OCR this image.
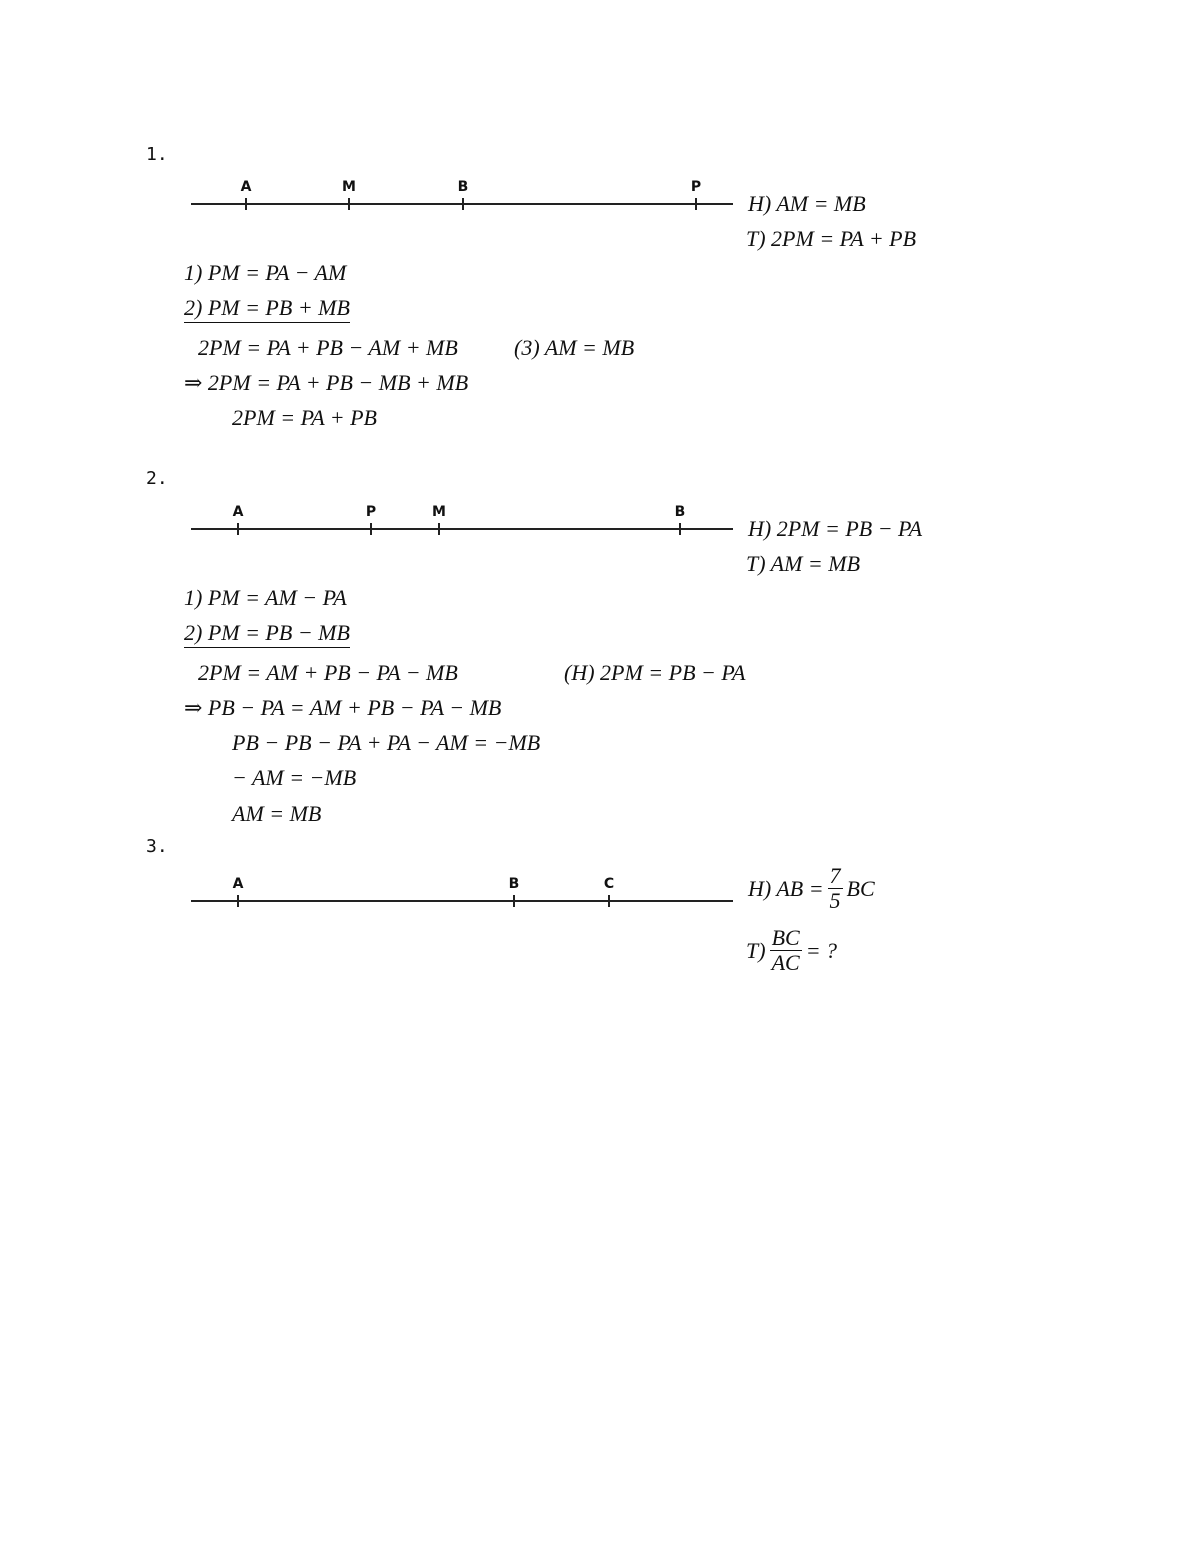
1.
A	M	B	P
H) AM = MB
T) 2PM = PA + PB
1) PM = PA − AM
2) PM = PB + MB
2PM = PA + PB − AM + MB	(3) AM = MB
⇒ 2PM = PA + PB − MB + MB
2PM = PA + PB
2.
A	P	M	B
H) 2PM = PB − PA
T) AM = MB
1) PM = AM − PA
2) PM = PB − MB
2PM = AM + PB − PA − MB	(H) 2PM = PB − PA
⇒ PB − PA = AM + PB − PA − MB
PB − PB − PA + PA − AM = −MB
− AM = −MB
AM = MB
3.
A	B	C	H) AB = $\frac{7}{5}$ BC
$T) \frac{BC}{AC}$ = ?
